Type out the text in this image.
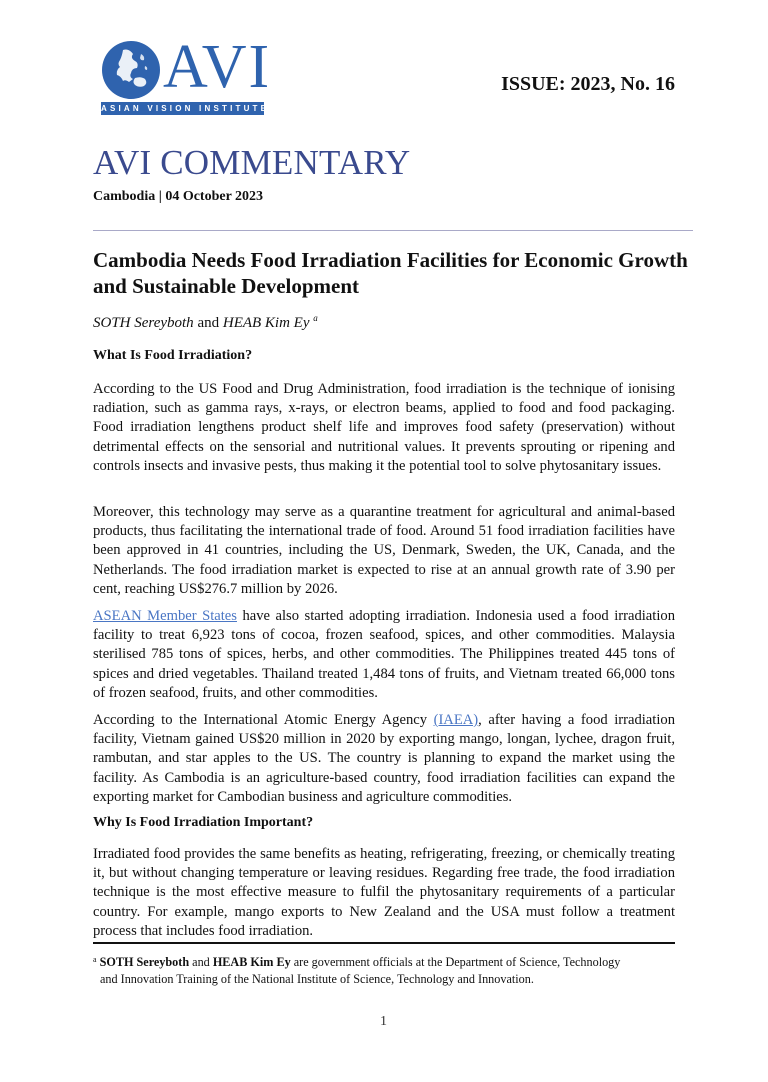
AVI
ASIAN VISION INSTITUTE
ISSUE: 2023, No. 16
AVI COMMENTARY
Cambodia | 04 October 2023
Cambodia Needs Food Irradiation Facilities for Economic Growth and Sustainable Development
SOTH Sereyboth and HEAB Kim Ey $^a$
What Is Food Irradiation?

According to the US Food and Drug Administration, food irradiation is the technique of ionising radiation, such as gamma rays, x-rays, or electron beams, applied to food and food packaging. Food irradiation lengthens product shelf life and improves food safety (preservation) without detrimental effects on the sensorial and nutritional values. It prevents sprouting or ripening and controls insects and invasive pests, thus making it the potential tool to solve phytosanitary issues.

Moreover, this technology may serve as a quarantine treatment for agricultural and animal-based products, thus facilitating the international trade of food. Around 51 food irradiation facilities have been approved in 41 countries, including the US, Denmark, Sweden, the UK, Canada, and the Netherlands. The food irradiation market is expected to rise at an annual growth rate of 3.90 per cent, reaching US$276.7 million by 2026.

ASEAN Member States have also started adopting irradiation. Indonesia used a food irradiation facility to treat 6,923 tons of cocoa, frozen seafood, spices, and other commodities. Malaysia sterilised 785 tons of spices, herbs, and other commodities. The Philippines treated 445 tons of spices and dried vegetables. Thailand treated 1,484 tons of fruits, and Vietnam treated 66,000 tons of frozen seafood, fruits, and other commodities.

According to the International Atomic Energy Agency (IAEA), after having a food irradiation facility, Vietnam gained US$20 million in 2020 by exporting mango, longan, lychee, dragon fruit, rambutan, and star apples to the US. The country is planning to expand the market using the facility. As Cambodia is an agriculture-based country, food irradiation facilities can expand the exporting market for Cambodian business and agriculture commodities.

Why Is Food Irradiation Important?

Irradiated food provides the same benefits as heating, refrigerating, freezing, or chemically treating it, but without changing temperature or leaving residues. Regarding free trade, the food irradiation technique is the most effective measure to fulfil the phytosanitary requirements of a particular country. For example, mango exports to New Zealand and the USA must follow a treatment process that includes food irradiation.

$^a$ SOTH Sereyboth and HEAB Kim Ey are government officials at the Department of Science, Technology
and Innovation Training of the National Institute of Science, Technology and Innovation.

1
